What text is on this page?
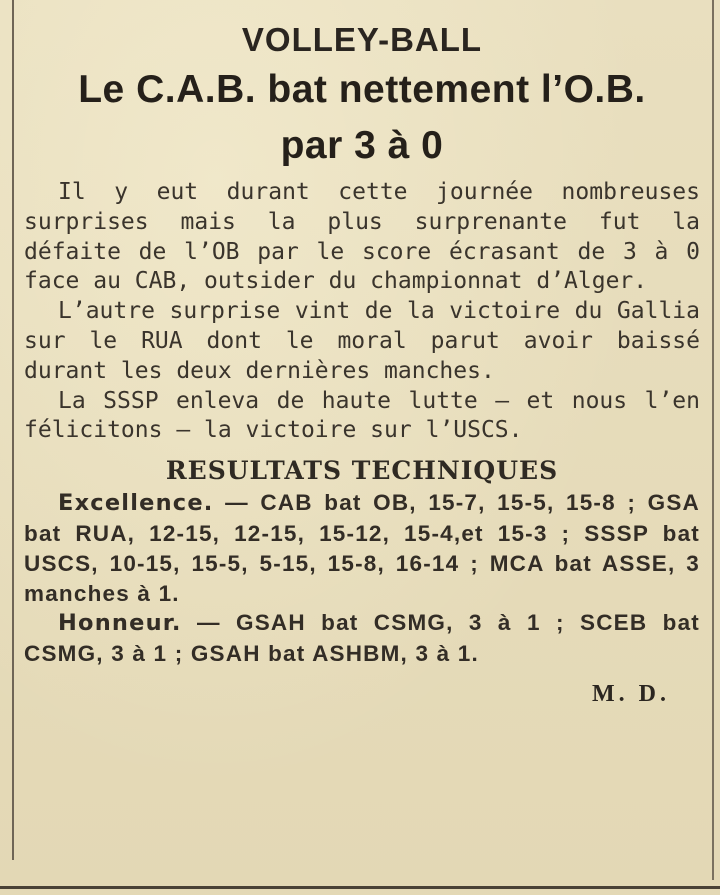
VOLLEY-BALL
Le C.A.B. bat nettement l’O.B.
par 3 à 0

Il y eut durant cette journée nombreuses surprises mais la plus surprenante fut la défaite de l’OB par le score écrasant de 3 à 0 face au CAB, outsider du championnat d’Alger.

L’autre surprise vint de la victoire du Gallia sur le RUA dont le moral parut avoir baissé durant les deux dernières manches.

La SSSP enleva de haute lutte — et nous l’en félicitons — la victoire sur l’USCS.

RESULTATS TECHNIQUES

Excellence. — CAB bat OB, 15-7, 15-5, 15-8 ; GSA bat RUA, 12-15, 12-15, 15-12, 15-4,et 15-3 ; SSSP bat USCS, 10-15, 15-5, 5-15, 15-8, 16-14 ; MCA bat ASSE, 3 manches à 1.

Honneur. — GSAH bat CSMG, 3 à 1 ; SCEB bat CSMG, 3 à 1 ; GSAH bat ASHBM, 3 à 1.

M. D.
